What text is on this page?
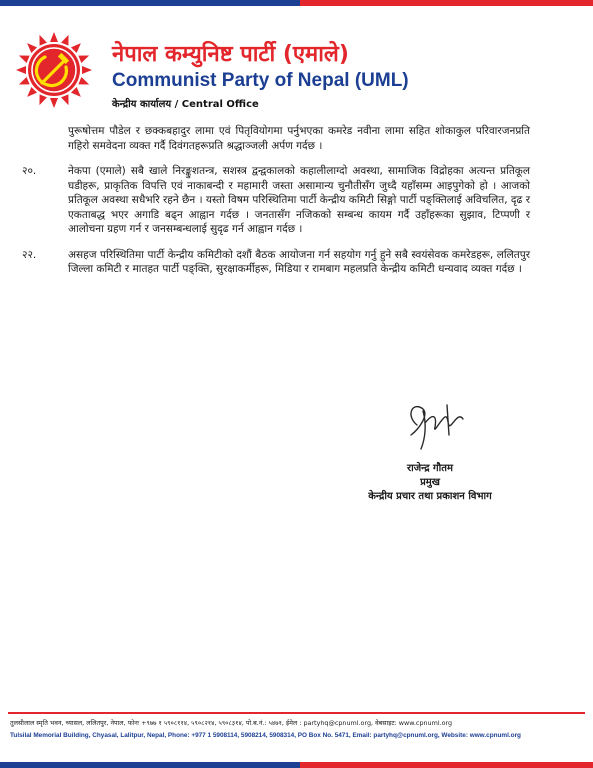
नेपाल कम्युनिष्ट पार्टी (एमाले)
Communist Party of Nepal (UML)
केन्द्रीय कार्यालय / Central Office

पुरूषोत्तम पौडेल र छक्कबहादुर लामा एवं पितृवियोगमा पर्नुभएका कमरेड नवीना लामा सहित शोकाकुल परिवारजनप्रति गहिरो समवेदना व्यक्त गर्दै दिवंगतहरूप्रति श्रद्धाञ्जली अर्पण गर्दछ ।

२०.	नेकपा (एमाले) सबै खाले निरङ्कुशतन्त्र, सशस्त्र द्वन्द्वकालको कहालीलाग्दो अवस्था, सामाजिक विद्रोहका अत्यन्त प्रतिकूल घडीहरू, प्राकृतिक विपत्ति एवं नाकाबन्दी र महामारी जस्ता असामान्य चुनौतीसँग जुध्दै यहाँसम्म आइपुगेको हो । आजको प्रतिकूल अवस्था सधैभरि रहने छैन । यस्तो विषम परिस्थितिमा पार्टी केन्द्रीय कमिटी सिङ्गो पार्टी पङ्क्तिलाई अविचलित, दृढ र एकताबद्ध भएर अगाडि बढ्न आह्वान गर्दछ । जनतासँग नजिकको सम्बन्ध कायम गर्दै उहाँहरूका सुझाव, टिप्पणी र आलोचना ग्रहण गर्न र जनसम्बन्धलाई सुदृढ गर्न आह्वान गर्दछ ।
२२.	असहज परिस्थितिमा पार्टी केन्द्रीय कमिटीको दशौं बैठक आयोजना गर्न सहयोग गर्नु हुने सबै स्वयंसेवक कमरेडहरू, ललितपुर जिल्ला कमिटी र मातहत पार्टी पङ्क्ति, सुरक्षाकर्मीहरू, मिडिया र रामबाग महलप्रति केन्द्रीय कमिटी धन्यवाद व्यक्त गर्दछ ।
राजेन्द्र गौतम
प्रमुख
केन्द्रीय प्रचार तथा प्रकाशन विभाग
तुलसीलाल स्मृति भवन, च्यासल, ललितपुर, नेपाल, फोनः +९७७ १ ५९०८११४, ५९०८२१४, ५९०८३१४, पो.ब.नं.: ५४७१, ईमेल : partyhq@cpnuml.org, वेबसाइट: www.cpnuml.org
Tulsilal Memorial Building, Chyasal, Lalitpur, Nepal, Phone: +977 1 5908114, 5908214, 5908314, PO Box No. 5471, Email: partyhq@cpnuml.org, Website: www.cpnuml.org
